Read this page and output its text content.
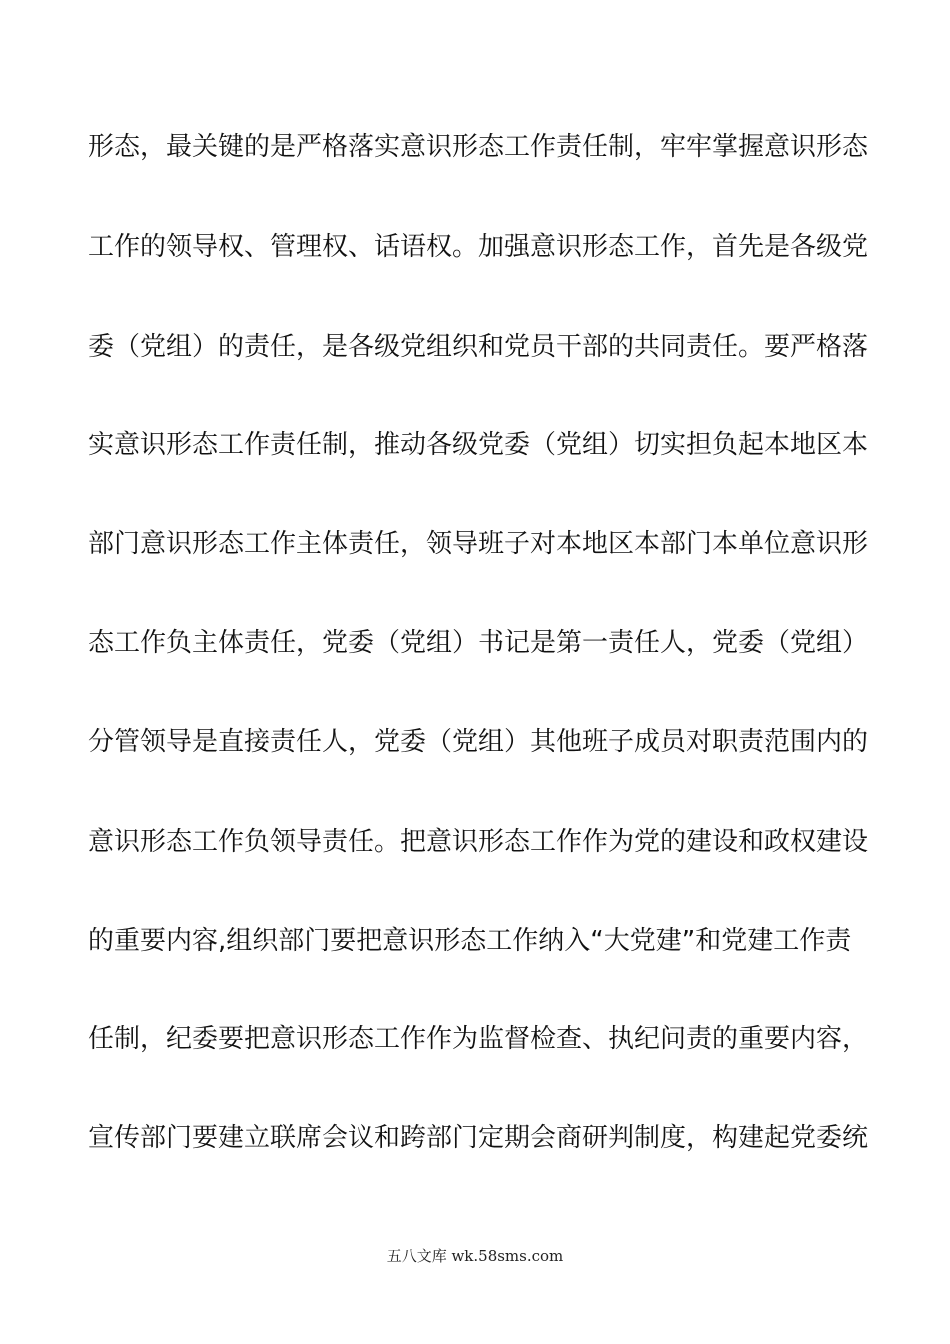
形态，最关键的是严格落实意识形态工作责任制，牢牢掌握意识形态
工作的领导权、管理权、话语权。加强意识形态工作，首先是各级党
委（党组）的责任，是各级党组织和党员干部的共同责任。要严格落
实意识形态工作责任制，推动各级党委（党组）切实担负起本地区本
部门意识形态工作主体责任，领导班子对本地区本部门本单位意识形
态工作负主体责任，党委（党组）书记是第一责任人，党委（党组）
分管领导是直接责任人，党委（党组）其他班子成员对职责范围内的
意识形态工作负领导责任。把意识形态工作作为党的建设和政权建设
的重要内容,组织部门要把意识形态工作纳入“大党建”和党建工作责
任制，纪委要把意识形态工作作为监督检查、执纪问责的重要内容，
宣传部门要建立联席会议和跨部门定期会商研判制度，构建起党委统
五八文库 wk.58sms.com
